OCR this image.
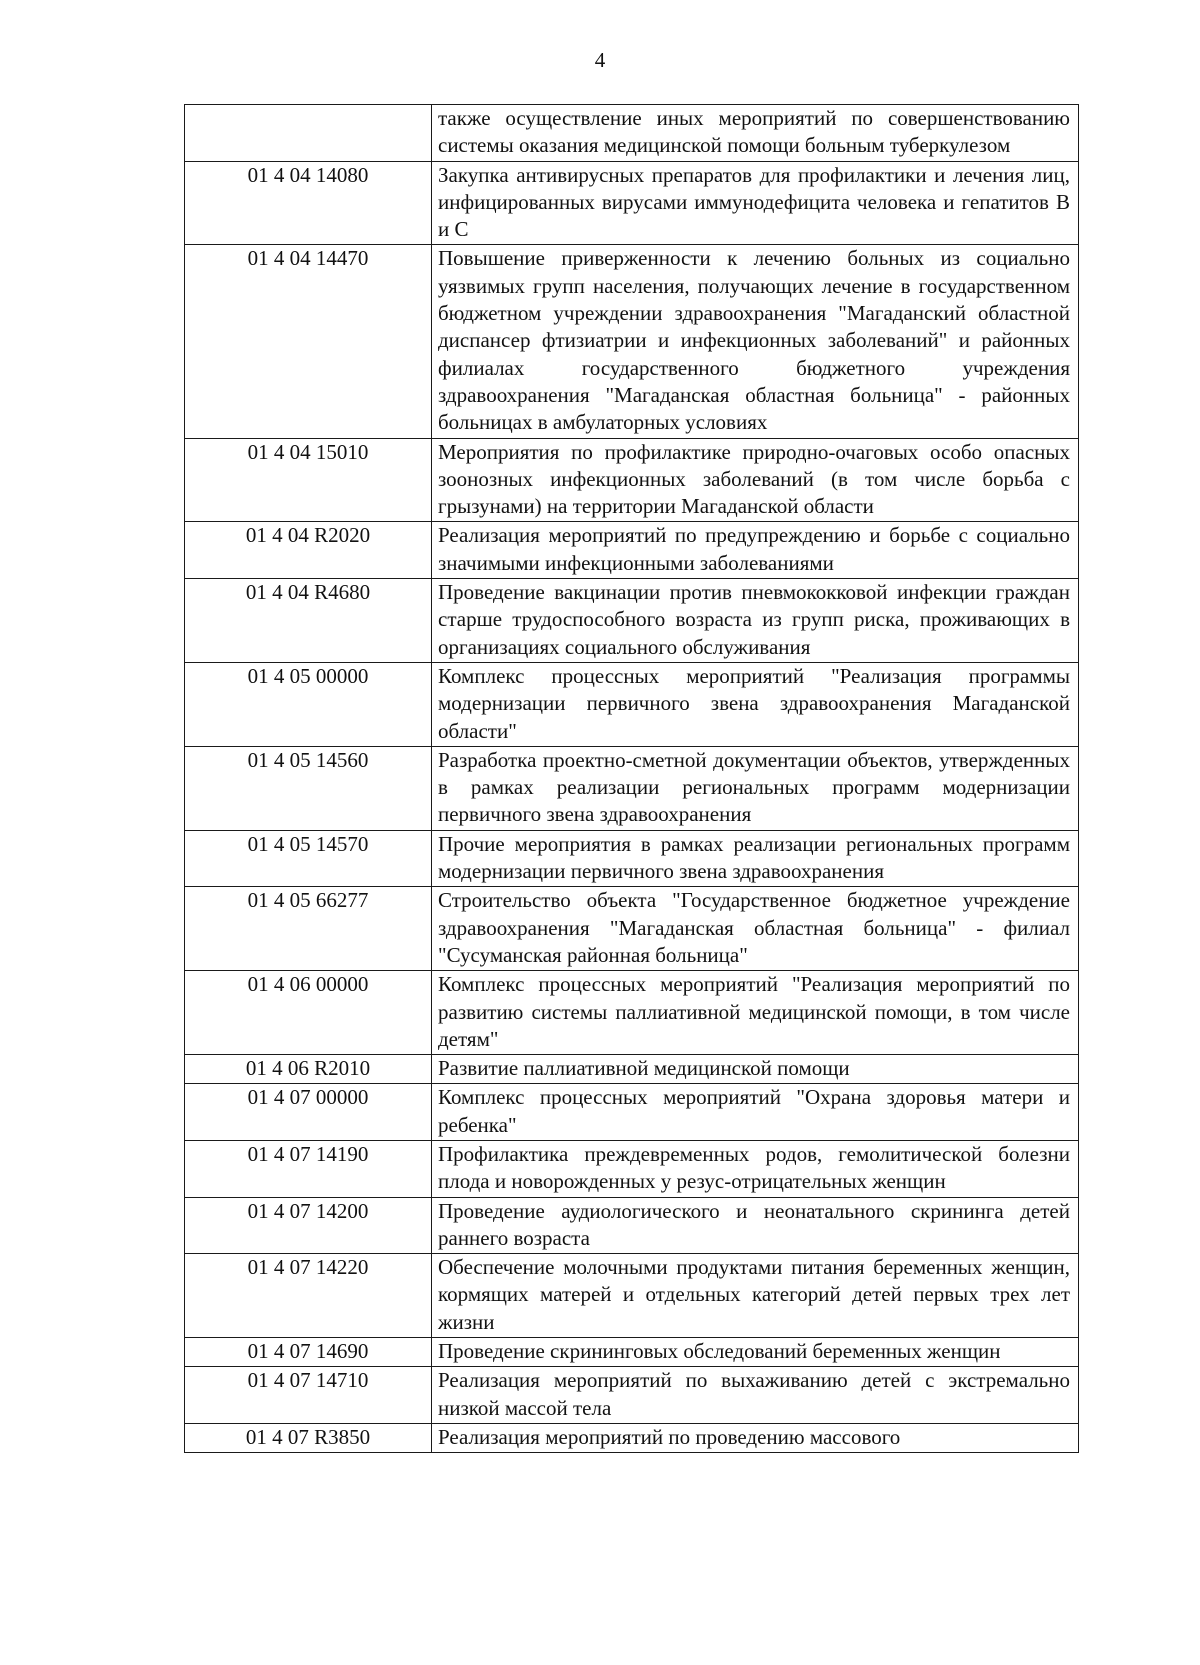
4
	также осуществление иных мероприятий по совершенствованию системы оказания медицинской помощи больным туберкулезом
01 4 04 14080	Закупка антивирусных препаратов для профилактики и лечения лиц, инфицированных вирусами иммунодефицита человека и гепатитов В и С
01 4 04 14470	Повышение приверженности к лечению больных из социально уязвимых групп населения, получающих лечение в государственном бюджетном учреждении здравоохранения "Магаданский областной диспансер фтизиатрии и инфекционных заболеваний" и районных филиалах государственного бюджетного учреждения здравоохранения "Магаданская областная больница" - районных больницах в амбулаторных условиях
01 4 04 15010	Мероприятия по профилактике природно-очаговых особо опасных зоонозных инфекционных заболеваний (в том числе борьба с грызунами) на территории Магаданской области
01 4 04 R2020	Реализация мероприятий по предупреждению и борьбе с социально значимыми инфекционными заболеваниями
01 4 04 R4680	Проведение вакцинации против пневмококковой инфекции граждан старше трудоспособного возраста из групп риска, проживающих в организациях социального обслуживания
01 4 05 00000	Комплекс процессных мероприятий "Реализация программы модернизации первичного звена здравоохранения Магаданской области"
01 4 05 14560	Разработка проектно-сметной документации объектов, утвержденных в рамках реализации региональных программ модернизации первичного звена здравоохранения
01 4 05 14570	Прочие мероприятия в рамках реализации региональных программ модернизации первичного звена здравоохранения
01 4 05 66277	Строительство объекта "Государственное бюджетное учреждение здравоохранения "Магаданская областная больница" - филиал "Сусуманская районная больница"
01 4 06 00000	Комплекс процессных мероприятий "Реализация мероприятий по развитию системы паллиативной медицинской помощи, в том числе детям"
01 4 06 R2010	Развитие паллиативной медицинской помощи
01 4 07 00000	Комплекс процессных мероприятий "Охрана здоровья матери и ребенка"
01 4 07 14190	Профилактика преждевременных родов, гемолитической болезни плода и новорожденных у резус-отрицательных женщин
01 4 07 14200	Проведение аудиологического и неонатального скрининга детей раннего возраста
01 4 07 14220	Обеспечение молочными продуктами питания беременных женщин, кормящих матерей и отдельных категорий детей первых трех лет жизни
01 4 07 14690	Проведение скрининговых обследований беременных женщин
01 4 07 14710	Реализация мероприятий по выхаживанию детей с экстремально низкой массой тела
01 4 07 R3850	Реализация мероприятий по проведению массового
